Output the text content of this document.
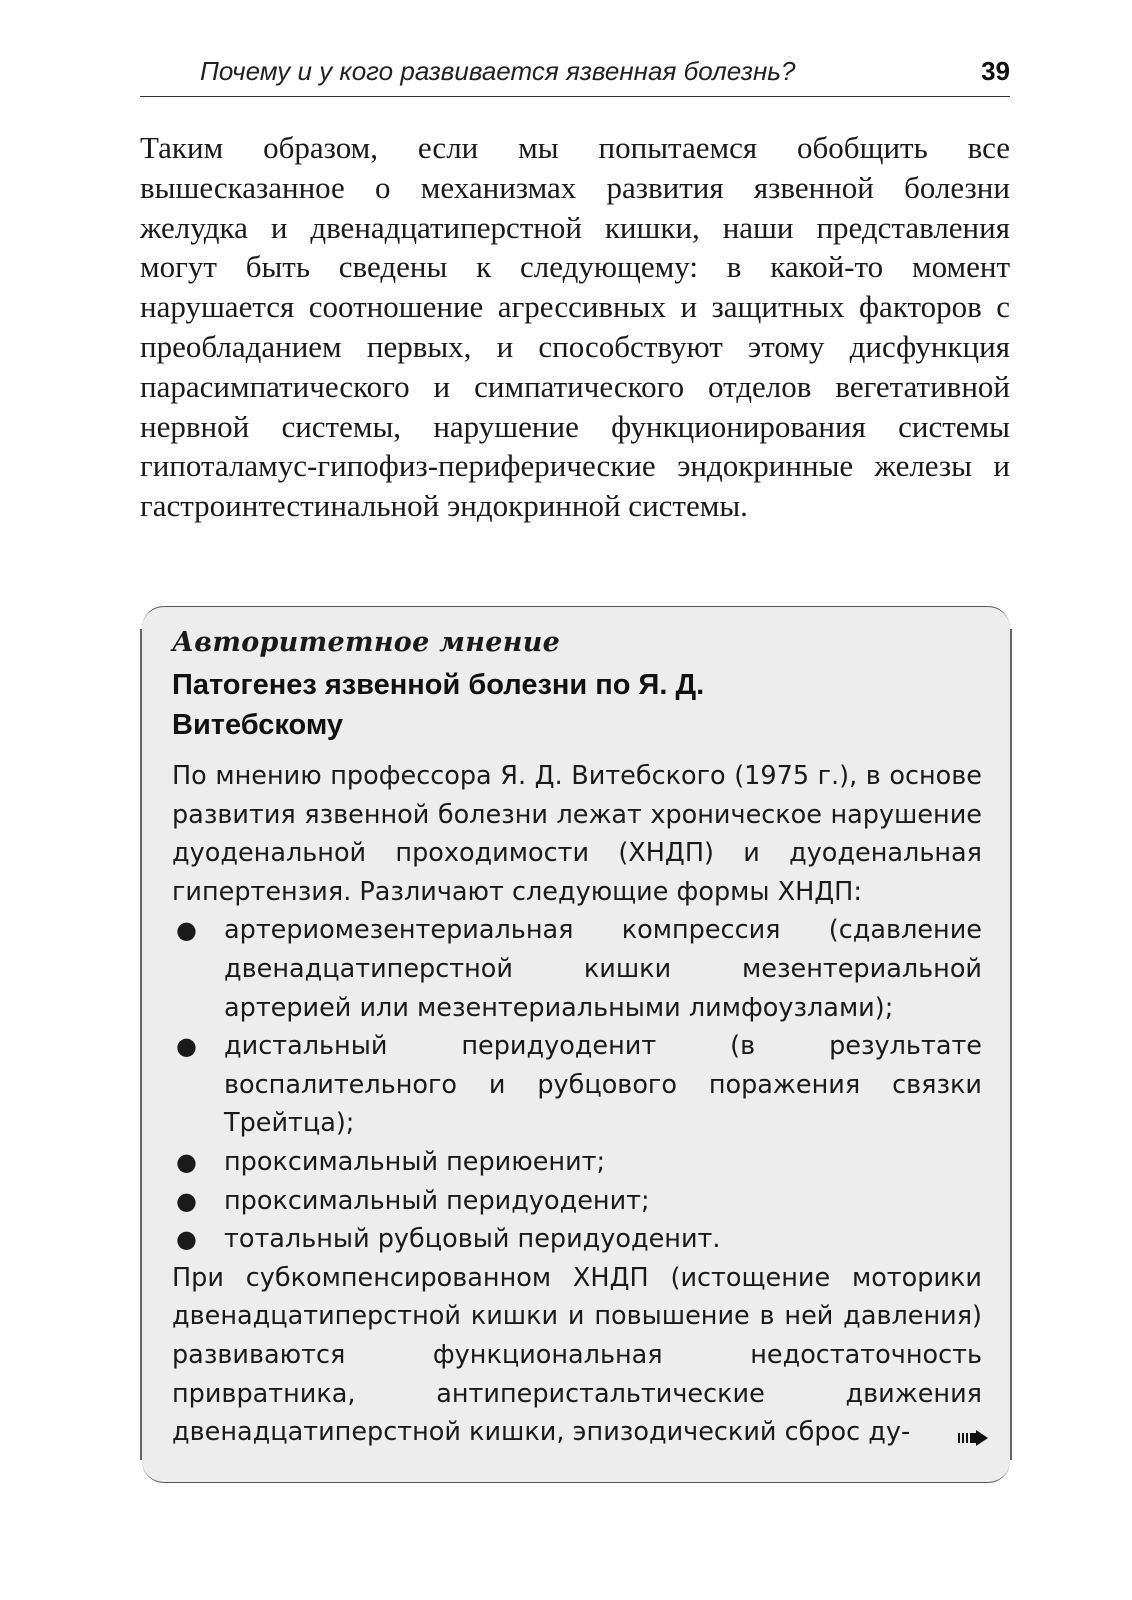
Почему и у кого развивается язвенная болезнь?	39

Таким образом, если мы попытаемся обобщить все вышесказанное о механизмах развития язвенной болезни желудка и двенадцатиперстной кишки, наши представления могут быть сведены к следующему: в какой-то момент нарушается соотношение агрессивных и защитных факторов с преобладанием первых, и способствуют этому дисфункция парасимпатического и симпатического отделов вегетативной нервной системы, нарушение функционирования системы гипоталамус-гипофиз-периферические эндокринные железы и гастроинтестинальной эндокринной системы.

Авторитетное мнение
Патогенез язвенной болезни по Я. Д. Витебскому

По мнению профессора Я. Д. Витебского (1975 г.), в основе развития язвенной болезни лежат хроническое нарушение дуоденальной проходимости (ХНДП) и дуоденальная гипертензия. Различают следующие формы ХНДП:

● артериомезентериальная компрессия (сдавление двенадцатиперстной кишки мезентериальной артерией или мезентериальными лимфоузлами);
● дистальный перидуоденит (в результате воспалительного и рубцового поражения связки Трейтца);
● проксимальный периюенит;
● проксимальный перидуоденит;
● тотальный рубцовый перидуоденит.

При субкомпенсированном ХНДП (истощение моторики двенадцатиперстной кишки и повышение в ней давления) развиваются функциональная недостаточность привратника, антиперистальтические движения двенадцатиперстной кишки, эпизодический сброс ду-
